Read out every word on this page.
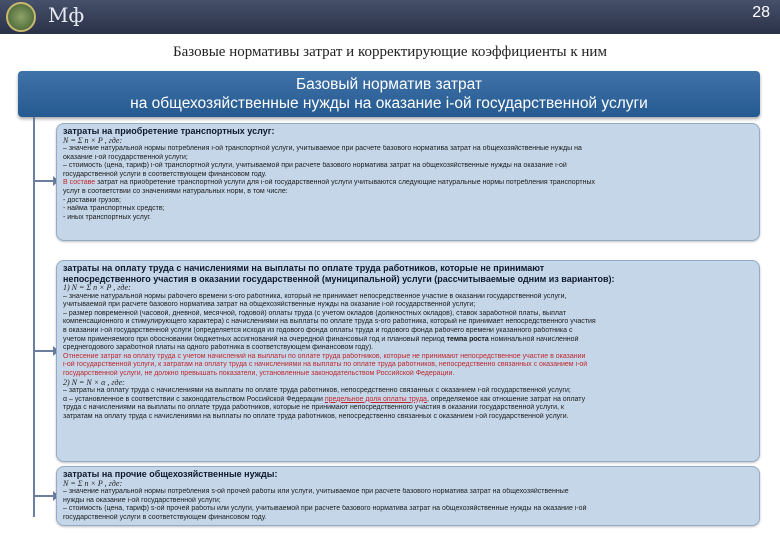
Мф	28
Базовые нормативы затрат и корректирующие коэффициенты к ним
Базовый норматив затрат
на общехозяйственные нужды на оказание i-ой государственной услуги
затраты на приобретение транспортных услуг:
N = Σ n × P , где:
– значение натуральной нормы потребления i-ой транспортной услуги, учитываемое при расчете базового норматива затрат на общехозяйственные нужды на
оказание i-ой государственной услуги;
– стоимость (цена, тариф) i-ой транспортной услуги, учитываемой при расчете базового норматива затрат на общехозяйственные нужды на оказание i-ой
государственной услуги в соответствующем финансовом году.
В составе затрат на приобретение транспортной услуги для i-ой государственной услуги учитываются следующие натуральные нормы потребления транспортных
услуг в соответствии со значениями натуральных норм, в том числе:
- доставки грузов;
- найма транспортных средств;
- иных транспортных услуг.
затраты на оплату труда с начислениями на выплаты по оплате труда работников, которые не принимают
непосредственного участия в оказании государственной (муниципальной) услуги (рассчитываемые одним из вариантов):
1) N = Σ n × P , где:
– значение натуральной нормы рабочего времени s-ого работника, который не принимает непосредственное участие в оказании государственной услуги,
учитываемой при расчете базового норматива затрат на общехозяйственные нужды на оказание i-ой государственной услуги;
– размер повременной (часовой, дневной, месячной, годовой) оплаты труда (с учетом окладов (должностных окладов), ставок заработной платы, выплат
компенсационного и стимулирующего характера) с начислениями на выплаты по оплате труда s-ого работника, который не принимает непосредственного участия
в оказании i-ой государственной услуги (определяется исходя из годового фонда оплаты труда и годового фонда рабочего времени указанного работника с
учетом применяемого при обосновании бюджетных ассигнований на очередной финансовый год и плановый период темпа роста номинальной начисленной
среднегодового заработной платы на одного работника в соответствующем финансовом году).
Отнесение затрат на оплату труда с учетом начислений на выплаты по оплате труда работников, которые не принимают непосредственное участие в оказании
i-ой государственной услуги, к затратам на оплату труда с начислениями на выплаты по оплате труда работников, непосредственно связанных с оказанием i-ой
государственной услуги, не должно превышать показатели, установленные законодательством Российской Федерации.
2) N = N × α , где:
– затраты на оплату труда с начислениями на выплаты по оплате труда работников, непосредственно связанных с оказанием i-ой государственной услуги;
α – установленное в соответствии с законодательством Российской Федерации предельное доля оплаты труда, определяемое как отношение затрат на оплату
труда с начислениями на выплаты по оплате труда работников, которые не принимают непосредственного участия в оказании государственной услуги, к
затратам на оплату труда с начислениями на выплаты по оплате труда работников, непосредственно связанных с оказанием i-ой государственной услуги.
затраты на прочие общехозяйственные нужды:
N = Σ n × P , где:
– значение натуральной нормы потребления s-ой прочей работы или услуги, учитываемое при расчете базового норматива затрат на общехозяйственные
нужды на оказание i-ой государственной услуги;
– стоимость (цена, тариф) s-ой прочей работы или услуги, учитываемой при расчете базового норматива затрат на общехозяйственные нужды на оказание i-ой
государственной услуги в соответствующем финансовом году.
